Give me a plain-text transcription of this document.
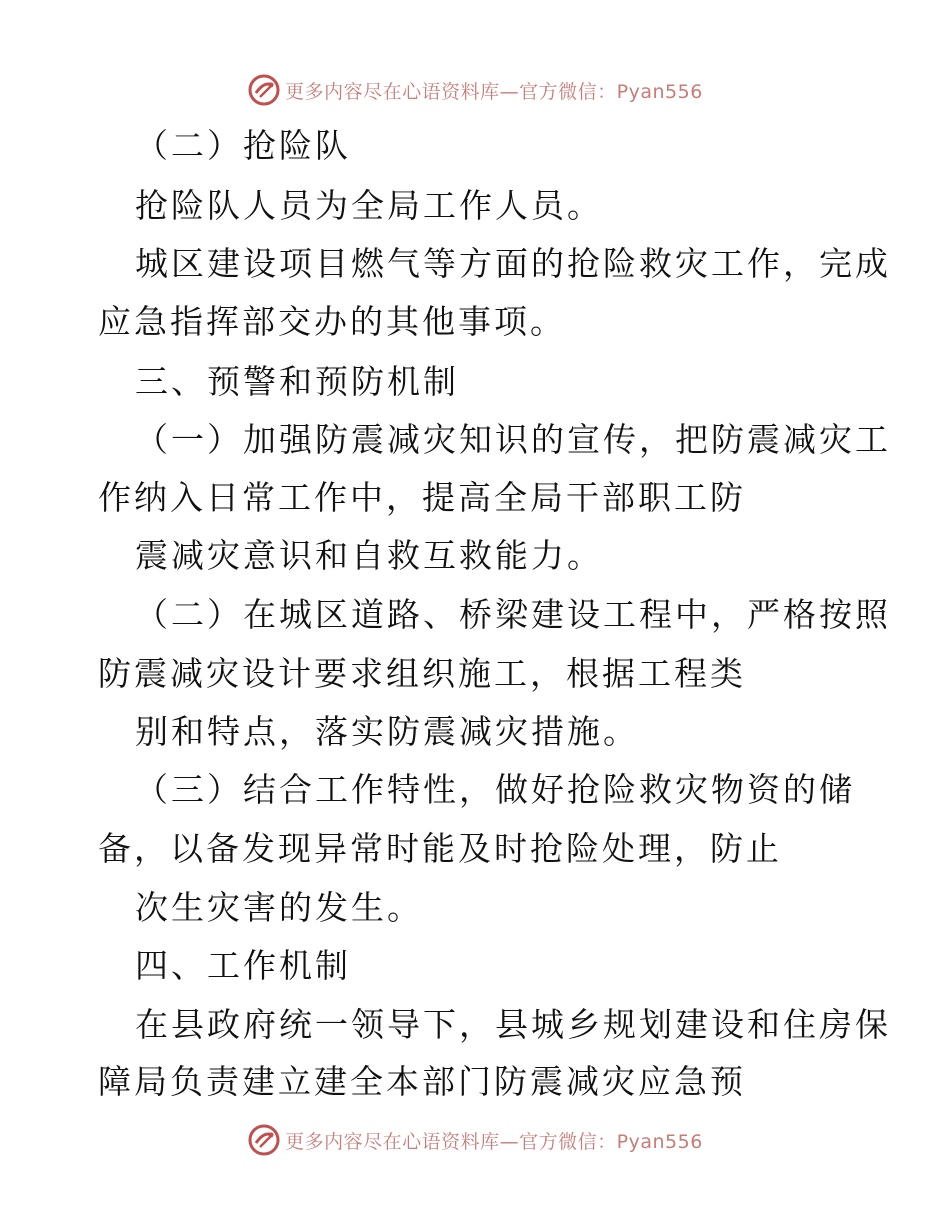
更多内容尽在心语资料库—官方微信：Pyan556
（二）抢险队
抢险队人员为全局工作人员。
城区建设项目燃气等方面的抢险救灾工作，完成
应急指挥部交办的其他事项。
三、预警和预防机制
（一）加强防震减灾知识的宣传，把防震减灾工
作纳入日常工作中，提高全局干部职工防
震减灾意识和自救互救能力。
（二）在城区道路、桥梁建设工程中，严格按照
防震减灾设计要求组织施工，根据工程类
别和特点，落实防震减灾措施。
（三）结合工作特性，做好抢险救灾物资的储
备，以备发现异常时能及时抢险处理，防止
次生灾害的发生。
四、工作机制
在县政府统一领导下，县城乡规划建设和住房保
障局负责建立建全本部门防震减灾应急预
更多内容尽在心语资料库—官方微信：Pyan556
